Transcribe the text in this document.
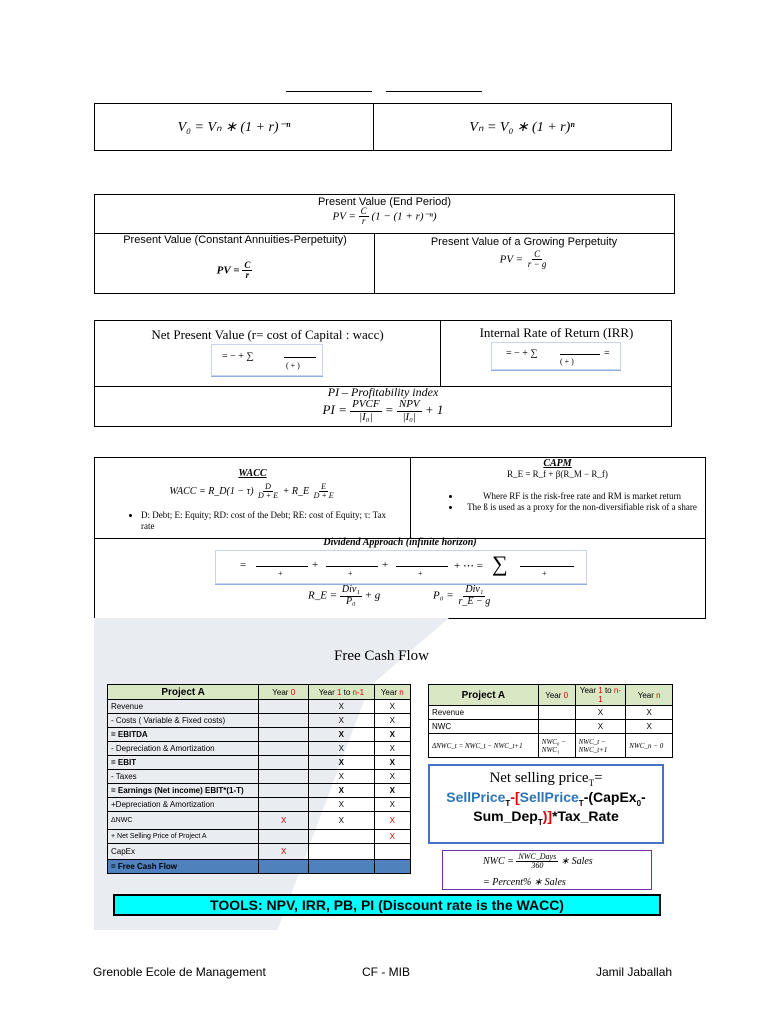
V₀ = Vₙ ∗ (1 + r)⁻ⁿ	Vₙ = V₀ ∗ (1 + r)ⁿ
Present Value (End Period)
PV = $\frac{C}{r} (1 - (1 + r)^{-n})$
Present Value (Constant Annuities-Perpetuity)
PV = $\frac{C}{r}$
Present Value of a Growing Perpetuity
PV = $\frac{C}{r - g}$
Net Present Value (r= cost of Capital : wacc)
= − + ∑
( + )
Internal Rate of Return (IRR)
= − + ∑
( + )
=
PI – Profitability index
PI = $\frac{\text{PVCF}}{\text{|I₀|}} = \frac{\text{NPV}}{\text{|I₀|}} + 1$
WACC
WACC = R_D(1 − $\tau) \frac{D}{D + E}$ + R_E $\frac{E}{D + E}$
• D: Debt; E: Equity; RD: cost of the Debt; RE: cost of Equity; τ: Tax rate
CAPM
R_E = R_f + β(R_M − R_f)
• Where RF is the risk-free rate and RM is market return
• The ß is used as a proxy for the non-diversifiable risk of a share
Dividend Approach (infinite horizon)
=
+
+
+
+
+
+ ⋯ = ∑	+
R_E = $\frac{\text{Div₁}}{\text{P₀}} + g$	$P_0 = \frac{\text{Div₁}}{r\_E - g}$
Free Cash Flow
Project A	Year 0	Year 1 to n-1	Year n
Revenue		X	X
- Costs ( Variable & Fixed costs)		X	X
= EBITDA		X	X
- Depreciation & Amortization		X	X
= EBIT		X	X
- Taxes		X	X
= Earnings (Net income) EBIT*(1-T)		X	X
+Depreciation & Amortization		X	X
ΔNWC	X	X	X
+ Net Selling Price of Project A			X
CapEx	X		
= Free Cash Flow			
Project A	Year 0	Year 1 to n-1	Year n
Revenue		X	X
NWC		X	X
ΔNWC_t = NWC_t − NWC_t+1	NWC₀ − NWC₁	NWC_t − NWC_t+1	NWC_n − 0
Net selling price$_T$=
SellPrice$_T$-[SellPrice$_T$-(CapEx$_0$-
Sum_Dep$_T$)]*Tax_Rate
NWC = $\frac{\text{NWC\_Days}}{360}$ ∗ Sales
= Percent% ∗ Sales
TOOLS: NPV, IRR, PB, PI (Discount rate is the WACC)
Grenoble Ecole de Management	CF - MIB	Jamil Jaballah
